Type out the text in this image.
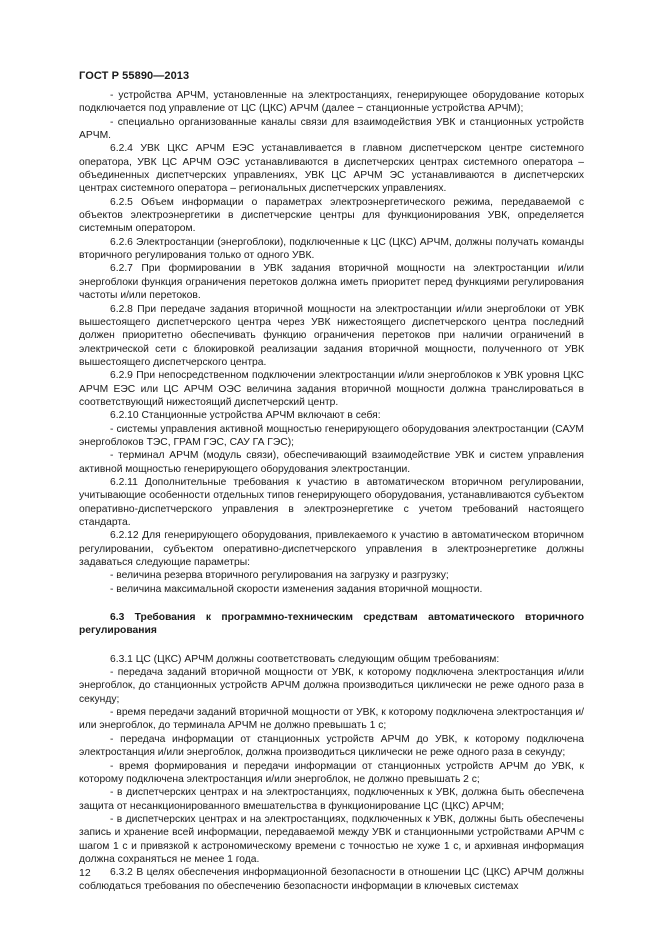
ГОСТ Р 55890—2013

- устройства АРЧМ, установленные на электростанциях, генерирующее оборудование которых подключается под управление от ЦС (ЦКС) АРЧМ (далее − станционные устройства АРЧМ);

- специально организованные каналы связи для взаимодействия УВК и станционных устройств АРЧМ.

6.2.4 УВК ЦКС АРЧМ ЕЭС устанавливается в главном диспетчерском центре системного оператора, УВК ЦС АРЧМ ОЭС устанавливаются в диспетчерских центрах системного оператора – объединенных диспетчерских управлениях, УВК ЦС АРЧМ ЭС устанавливаются в диспетчерских центрах системного оператора – региональных диспетчерских управлениях.

6.2.5 Объем информации о параметрах электроэнергетического режима, передаваемой с объектов электроэнергетики в диспетчерские центры для функционирования УВК, определяется системным оператором.

6.2.6 Электростанции (энергоблоки), подключенные к ЦС (ЦКС) АРЧМ, должны получать команды вторичного регулирования только от одного УВК.

6.2.7 При формировании в УВК задания вторичной мощности на электростанции и/или энергоблоки функция ограничения перетоков должна иметь приоритет перед функциями регулирования частоты и/или перетоков.

6.2.8 При передаче задания вторичной мощности на электростанции и/или энергоблоки от УВК вышестоящего диспетчерского центра через УВК нижестоящего диспетчерского центра последний должен приоритетно обеспечивать функцию ограничения перетоков при наличии ограничений в электрической сети с блокировкой реализации задания вторичной мощности, полученного от УВК вышестоящего диспетчерского центра.

6.2.9 При непосредственном подключении электростанции и/или энергоблоков к УВК уровня ЦКС АРЧМ ЕЭС или ЦС АРЧМ ОЭС величина задания вторичной мощности должна транслироваться в соответствующий нижестоящий диспетчерский центр.

6.2.10 Станционные устройства АРЧМ включают в себя:

- системы управления активной мощностью генерирующего оборудования электростанции (САУМ энергоблоков ТЭС, ГРАМ ГЭС, САУ ГА ГЭС);

- терминал АРЧМ (модуль связи), обеспечивающий взаимодействие УВК и систем управления активной мощностью генерирующего оборудования электростанции.

6.2.11 Дополнительные требования к участию в автоматическом вторичном регулировании, учитывающие особенности отдельных типов генерирующего оборудования, устанавливаются субъектом оперативно-диспетчерского управления в электроэнергетике с учетом требований настоящего стандарта.

6.2.12 Для генерирующего оборудования, привлекаемого к участию в автоматическом вторичном регулировании, субъектом оперативно-диспетчерского управления в электроэнергетике должны задаваться следующие параметры:

- величина резерва вторичного регулирования на загрузку и разгрузку;

- величина максимальной скорости изменения задания вторичной мощности.

6.3 Требования к программно-техническим средствам автоматического вторичного регулирования

6.3.1 ЦС (ЦКС) АРЧМ должны соответствовать следующим общим требованиям:

- передача заданий вторичной мощности от УВК, к которому подключена электростанция и/или энергоблок, до станционных устройств АРЧМ должна производиться циклически не реже одного раза в секунду;

- время передачи заданий вторичной мощности от УВК, к которому подключена электростанция и/или энергоблок, до терминала АРЧМ не должно превышать 1 с;

- передача информации от станционных устройств АРЧМ до УВК, к которому подключена электростанция и/или энергоблок, должна производиться циклически не реже одного раза в секунду;

- время формирования и передачи информации от станционных устройств АРЧМ до УВК, к которому подключена электростанция и/или энергоблок, не должно превышать 2 с;

- в диспетчерских центрах и на электростанциях, подключенных к УВК, должна быть обеспечена защита от несанкционированного вмешательства в функционирование ЦС (ЦКС) АРЧМ;

- в диспетчерских центрах и на электростанциях, подключенных к УВК, должны быть обеспечены запись и хранение всей информации, передаваемой между УВК и станционными устройствами АРЧМ с шагом 1 с и привязкой к астрономическому времени с точностью не хуже 1 с, и архивная информация должна сохраняться не менее 1 года.

6.3.2 В целях обеспечения информационной безопасности в отношении ЦС (ЦКС) АРЧМ должны соблюдаться требования по обеспечению безопасности информации в ключевых системах

12
